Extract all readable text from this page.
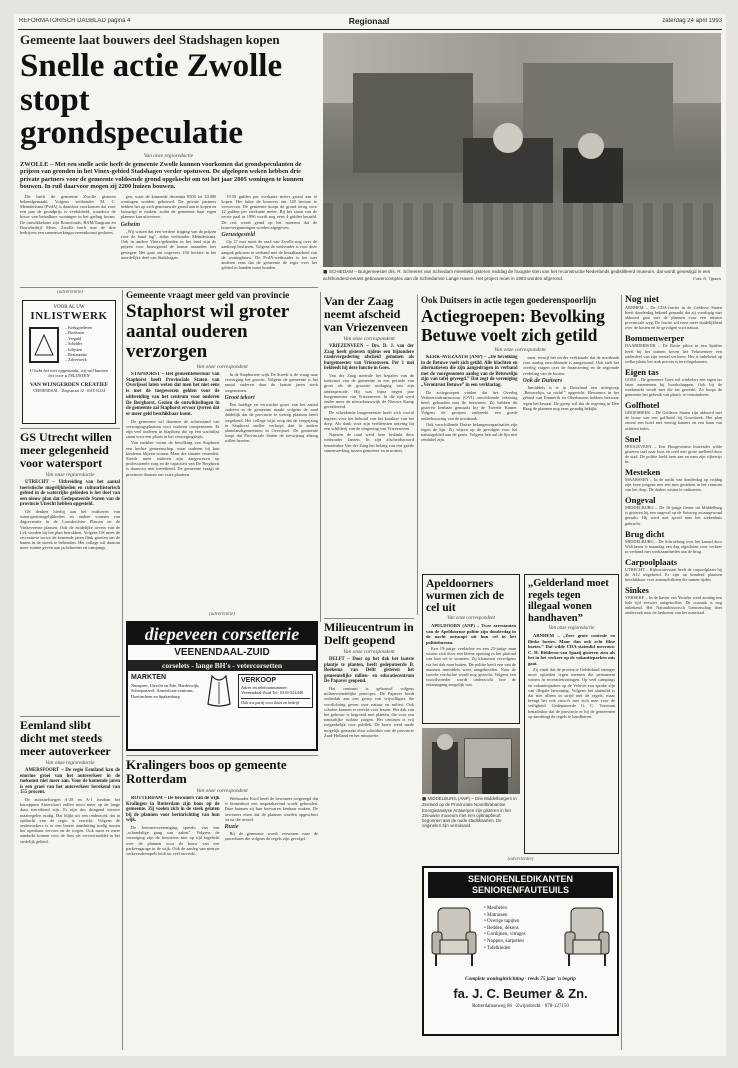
REFORMATORISCH DAGBLAD pagina 4	Regionaal	zaterdag 24 april 1993
Gemeente laat bouwers deel Stadshagen kopen
Snelle actie Zwolle stopt grondspeculatie
Van onze regioredactie
ZWOLLE – Met een snelle actie heeft de gemeente Zwolle kunnen voorkomen dat grondspeculanten de prijzen van gronden in het Vinex-gebied Stadshagen verder opstuwen. De afgelopen weken hebben drie private partners voor de gemeente voldoende grond opgekocht om tot het jaar 2005 woningen te kunnen bouwen. In ruil daarvoor mogen zij 2200 huizen bouwen.

Dit heeft de gemeente Zwolle gisteren bekendgemaakt. Volgens wethouder M. C. Meindertsma (PvdA) is daardoor voorkomen dat voor een jaar de grondprijs is verdubbeld, waardoor de bouw van betaalbare woningen in het geding kwam. De ontwikkelaars zijn Bouwfonds, BAM/Tangram en Bouwbedrijf Moes. Zwolle heeft met de drie bedrijven een samenwerkingsovereenkomst gesloten.

gen, waar de komende decennia 8500 tot 10.000 woningen worden gebouwd. De private partners hebben het op zich genomen de grond aan te kopen en bouwrijp te maken, zodat de gemeente haar eigen plannen kan uitvoeren.

Geheim

„Wij wisten dat een verdere stijging van de prijzen voor de hand lag”, aldus wethouder Meindertsma. Ook in andere Vinex-gebieden in het land zijn de prijzen voor bouwgrond de laatste maanden fors gestegen. Het gaat om ongeveer 150 hectare in het noordelijke deel van Stadshagen.

19.50 gulden per vierkante meter grond aan te kopen. Het lukte de bouwers om 128 hectare te verwerven. De gemeente koopt de grond terug voor 12 gulden per vierkante meter. Bij het staan van de eerste paal in 1996 wordt nog eens 4 gulden betaald. De rest wordt geïnd op het moment dat de bouwvergunningen worden afgegeven.

Gerustgesteld

Op 17 mei moet de raad van Zwolle nog over de aankoop beslissen. Volgens de wethouder is voor deze aanpak gekozen in verband met de betaalbaarheid van de woningbouw. De PvdA-wethouder is het met anderen eens dat de gemeente de regie over het gebied in handen moet houden.

■ SCHIEDAM – Burgemeester drs. R. Scheeres van Schiedam meesteld gisteren middag de hoogste sten van het reconstructie Nederlands gedistilleerd museum, dat wordt gevestigd in een achthonderd-eeuws gebouwencomplex aan de Schiedamse Lange Haven. Het project moet in 1993 worden afgerond.	Foto: R. Tijssen
(advertentie)
VOOR AL UW
INLISTWERK
– Kerkgoederen
– Borduren
– Verguld
– Schilder
– Inlijsten
– Restauratie
– Zilverwerk
U hebt het niet opgemaakt, wij wel kunnen het voor u INLIJSTEN
VAN WIJNGERDEN CREATIEF
VEENENDAAL · Dorpsstraat 12 · 0318-51234
GS Utrecht willen meer gelegenheid voor watersport
Van onze regioredactie

UTRECHT – Uitbreiding van het aantal toeristische mogelijkheden en cultuurhistorisch gebied in de waterrijke gebieden is het doel van een nieuw plan dat Gedeputeerde Staten van de provincie Utrecht hebben opgesteld.

GS denken hierbij aan het realiseren van watersportmogelijkheden en andere vormen van dagrecreatie in de Loosdrechtse Plassen en de Vinkeveense plassen. Ook de zuidelijke oevers van de Lek worden bij het plan betrokken. Volgens GS moet de recreatieve sector de komende jaren flink groeien om de banen in de streek te behouden. Het college wil daarom meer ruimte geven aan jachthavens en campings.

Eemland slibt dicht met steeds meer autoverkeer
Van onze regioredactie

AMERSFOORT – De regio Eemland kan de enorme groei van het autoverkeer in de toekomst niet meer aan. Voor de komende jaren is een groei van het autoverkeer berekend van 155 procent.

De autosnelwegen A-28 en A-1 rondom het knooppunt Amersfoort zullen nooit meer op de lange duur toereikend zijn. Er zijn dus dringend nieuwe maatregelen nodig. Dat blijkt uit een onderzoek dat in opdracht van de regio is verricht. Volgens de onderzoekers is er een betere aansluiting nodig tussen het openbaar vervoer en de wegen. Ook moet er meer aandacht komen voor de fiets als vervoermiddel in het stedelijk gebied.

Gemeente vraagt meer geld van provincie
Staphorst wil groter aantal ouderen verzorgen
Van onze correspondent

STAPHORST – Het gemeentebestuur van Staphorst heeft Provinciale Staten van Overijssel laten weten dat men het niet eens is met de toegewezen gelden voor de uitbreiding van het centrum voor ouderen De Berghorst. Gezien de ontwikkelingen in de gemeente zal Staphorst ervoor ijveren dat er meer geld beschikbaar komt.

De gemeente wil daarmee de achterstand van verzorgingsplaatsen voor ouderen compenseren. Er zijn veel ouderen in Staphorst die op een wachtlijst staan voor een plaats in het verzorgingshuis.

Van oudsher vormt de bevolking van Staphorst een hechte gemeenschap, waar ouderen bij hun kinderen blijven wonen. Maar die situatie verandert. Steeds meer ouderen zijn aangewezen op professionele zorg en de capaciteit van De Berghorst is daarvoor niet toereikend. De gemeente vraagt de provincie daarom om extra plaatsen.

In de Staphorster wijk De Streek is de vraag naar verzorging het grootst. Volgens de gemeente is het aantal ouderen daar de laatste jaren sterk toegenomen.

Groot tekort

Een huidige en verwachte groei van het aantal ouderen in de gemeente maakt volgens de raad duidelijk dat de provincie te weinig plaatsen heeft toegekend. Het college wijst erop dat de vergrijzing in Staphorst sneller verloopt dan in andere plattelandsgemeenten in Overijssel. De gemeente hoopt dat Provinciale Staten de toewijzing alsnog willen herzien.

Van der Zaag neemt afscheid van Vriezenveen
Van onze correspondent

VRIEZENVEEN – Drs. D. J. van der Zaag heeft gisteren tijdens een bijzondere raadsvergadering afscheid genomen als burgemeester van Vriezenveen. Per 1 mei bekleedt hij deze functie in Goes.

Van der Zaag noemde het bepalen van de toekomst van de gemeente in een periode van groei als de grootste uitdaging van zijn ambtsperiode. Hij was bijna negen jaar burgemeester van Vriezenveen. In die tijd werd onder meer de nieuwbouwwijk de Nieuwe Kamp gerealiseerd.

De scheidende burgemeester heeft zich vooral ingezet voor het behoud van het karakter van het dorp. Als dank voor zijn verdiensten ontving hij een schilderij van de omgeving van Vriezenveen.

Namens de raad werd hem bedankt door wethouder Jansen. In zijn afscheidswoord benadrukte Van der Zaag het belang van een goede samenwerking tussen gemeente en inwoners.

Ook Duitsers in actie tegen goederenspoorlijn
Actiegroepen: Bevolking Betuwe voelt zich getild
Van onze correspondent

KERK-AVEZAATH (ANP) – „De bevolking in de Betuwe voelt zich getild. Alle klachten en alternatieven die zijn aangedragen in verband met de voorgenomen aanleg van de Betuwelijn zijn van tafel geveegd.” Dat zegt de vereniging „Verontrust Betuwe” in een verklaring.

De actiegroepen vinden dat het Overleg Verkeersinfrastructuur (OVI) onvoldoende rekening heeft gehouden met de bezwaren. Zij hebben dit gisteren kenbaar gemaakt bij de Tweede Kamer. Volgens de groepen ontbreekt een goede onderbouwing van de noodzaak.

Ook verschillende Duitse belangenorganisaties zijn tegen de lijn. Zij wijzen op de gevolgen voor het natuurgebied aan de grens. Volgens hen zal de lijn niet rendabel zijn.

men, terwijl het eerder verklaarde dat de noodzaak voor aanleg onvoldoende is aangetoond. Ook stelt het overleg vragen over de financiering en de regionale verdeling van de kosten.

Ook de Duitsers

Inmiddels is er in Duitsland een actiegroep „Betuwelijn, so nicht!” opgericht. Bewoners in het gebied van Emmerik en Oberhausen hebben bezwaar tegen het lawaai. De groep wil dat de regering in Den Haag de plannen nog eens grondig bekijkt.

Nog niet
ARNHEM – De CDA-fractie in de Gelderse Staten heeft donderdag bekend gemaakt dat zij voorlopig niet akkoord gaat met de plannen voor een nieuwe provinciale weg. De fractie wil eerst meer duidelijkheid over de kosten en de gevolgen voor natuur.
Bommenwerper
HAARDERWIJK – De Britse piloot in een Spitfire heeft bij het trainen boven het Veluwemeer een onderdeel van zijn toestel verloren. Het is onbekend op welke plaats het stuk precies is terechtgekomen.
Eigen tas
GOES – De gemeente Goes wil winkelers een eigen tas laten meenemen bij boodschappen. Ook bij de weekmarkt wordt met die tas gewerkt. Zo hoopt de gemeente het gebruik van plastic te verminderen.
Golfhotel
GROESBEEK – De Gelderse Staten zijn akkoord met de bouw van een golfhotel bij Groesbeek. Het plan omvat een hotel met veertig kamers en een baan van achttien holes.
Snel
HOOGEVEEN – Een Hoogeveense huisvader wilde gisteren snel naar huis en reed met grote snelheid door de stad. De politie hield hem aan en nam zijn rijbewijs in.
Mesteken
MAARSSEN – In de nacht van donderdag op vrijdag zijn twee jongens met een mes gestoken in het centrum van het dorp. De daders wisten te ontkomen.
Ongeval
MIDDELBURG – De 16-jarige fietser uit Middelburg is gisteren bij een ongeval op de Seisweg zwaargewond geraakt. Hij werd met spoed naar het ziekenhuis gebracht.
Brug dicht
MIDDELBURG – De Schroebrug over het kanaal door Walcheren is maandag een dag afgesloten voor verkeer in verband met werkzaamheden aan de brug.
Carpoolplaats
UTRECHT – Rijkswaterstaat heeft de carpoolplaats bij de A12 uitgebreid. Er zijn nu honderd plaatsen beschikbaar voor automobilisten die samen rijden.
Sinkes
YERSEKE – In de haven van Yerseke werd zondag een hele tijd zeewier aangetroffen. De oorzaak is nog onbekend. Het Natuurhistorisch Genootschap doet onderzoek naar de herkomst van het materiaal.
Milieucentrum in Delft geopend
Van onze correspondent

DELFT – Door op het dak het laatste plantje te planten, heeft gedeputeerde B. Boekema van Delft gisteren het gemeentelijke milieu- en educatiecentrum De Papaver geopend.

Het centrum is gebouwd volgens milieuvriendelijke principes. De Papaver biedt onderdak aan een groep van vrijwilligers die voorlichting geven over natuur en milieu. Ook scholen kunnen er terecht voor lessen. Het dak van het gebouw is begroeid met planten, die voor een natuurlijke isolatie zorgen. Het centrum is vrij toegankelijk voor publiek. De bouw werd mede mogelijk gemaakt door subsidies van de provincie Zuid-Holland en het ministerie.

Apeldoorners wurmen zich de cel uit
Van onze correspondent

APELDOORN (ANP) – Twee arrestanten van de Apeldoornse politie zijn donderdag in de nacht ontsnapt uit hun cel in het politiebureau.

Een 19-jarige verdachte en een 23-jarige man wisten zich door een kleine opening in het plafond van hun cel te wurmen. Zij klommen vervolgens via het dak naar buiten. De politie heeft een van de mannen inmiddels weer aangehouden. Naar de tweede verdachte wordt nog gezocht. Volgens een woordvoerder wordt onderzocht hoe de ontsnapping mogelijk was.

„Gelderland moet regels tegen illegaal wonen handhaven”
Van onze regioredactie

ARNHEM – „Zeer grote controle en flinke boetes. Maar dan ook echt fikse boetes.” Dat wilde CDA-statenlid mevrouw C. H. Ridderus-van Spaaij gisteren zien als het in het verkeer op de vakantieparken mis gaat.

Zij vindt dat de provincie Gelderland strenger moet optreden tegen mensen die permanent wonen in recreatiewoningen. Op veel campings en vakantieparken op de Veluwe zou sprake zijn van illegale bewoning. Volgens het statenlid is dat niet alleen in strijd met de regels, maar brengt het ook risico's met zich mee voor de veiligheid. Gedeputeerde G. C. Voerman benadrukte dat de provincie er bij de gemeenten op aandringt de regels te handhaven.

■ MIDDELBURG (ANP) – Drie Middelburgers in Zeeland op de Provinciale Noordbrabantse Energieanalyse Antwerpen zijn gisteren in het Zeeuwse museum met een opknapbeurt begonnen aan de oude stadskaarten. De originelen zijn vernieuwd.
(advertentie)
diepeveen corsetterie
VEENENDAAL-ZUID
corselets - lange BH's - vetercorsetten
MARKTEN
Nunspeet, Utrecht en Ede, Harderwijk, Scherpenzeel, Amersfoort-centrum, Doetinchem en Spakenburg
VERKOOP
Adres en telefoonnummer: Veenendaal-Zuid Tel. 0318-524440
Ook uw partij voor thuis en bedrijf
Kralingers boos op gemeente Rotterdam
Van onze correspondent

ROTTERDAM – De bewoners van de wijk Kralingen in Rotterdam zijn boos op de gemeente. Zij voelen zich in de steek gelaten bij de plannen voor herinrichting van hun wijk.

De bewonersvereniging spreekt van een „schandalige gang van zaken”. Volgens de vereniging zijn de bewoners niet op tijd ingelicht over de plannen voor de bouw van een parkeergarage in de wijk. Ook de aanleg van nieuwe verkeersdrempels leidt tot veel onvrede.

Wethouder Kool heeft de bewoners toegezegd dat er binnenkort een inspraakavond wordt gehouden. Daar kunnen zij hun bezwaren kenbaar maken. De bewoners eisen dat de plannen worden opgeschort tot na die avond.

Ruzie

Bij de gemeente wordt verwezen naar de procedures die volgens de regels zijn gevolgd.

(advertentie)
SENIORENLEDIKANTEN
SENIORENFAUTEUILS
• Meubelen
• Matrassen
• Overige tapijten
• Bedden, dekens
• Gordijnen, vitrages
• Noppen, karpetten
• Tafelkleden
Complete woninginrichting · reeds 75 jaar 'n begrip
fa. J. C. Beumer & Zn.
Rotterdamseweg 86 · Zwijndrecht · 078-127150
